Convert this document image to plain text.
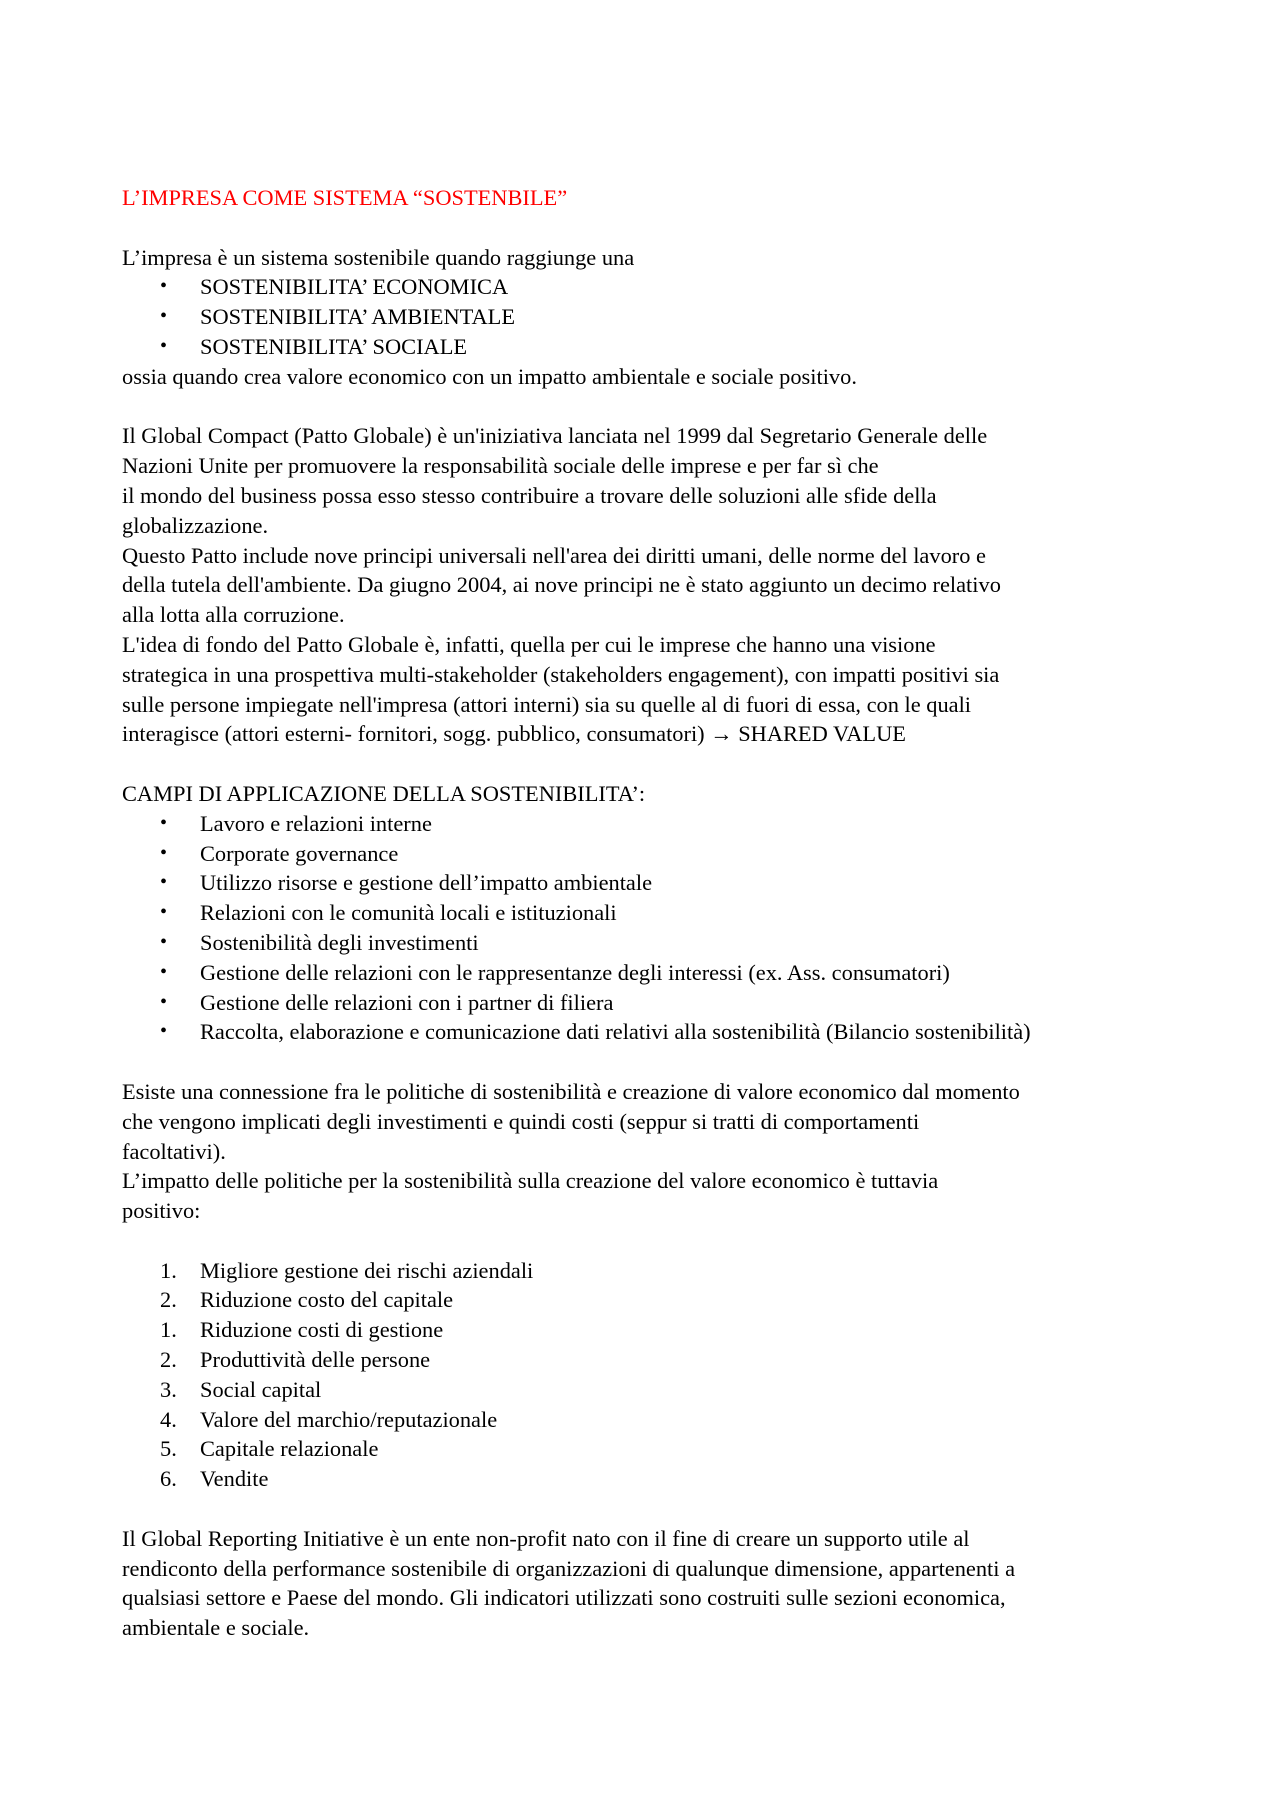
L’IMPRESA COME SISTEMA “SOSTENBILE”

L’impresa è un sistema sostenibile quando raggiunge una

• SOSTENIBILITA’ ECONOMICA
• SOSTENIBILITA’ AMBIENTALE
• SOSTENIBILITA’ SOCIALE

ossia quando crea valore economico con un impatto ambientale e sociale positivo.

Il Global Compact (Patto Globale) è un'iniziativa lanciata nel 1999 dal Segretario Generale delle
Nazioni Unite per promuovere la responsabilità sociale delle imprese e per far sì che
il mondo del business possa esso stesso contribuire a trovare delle soluzioni alle sfide della
globalizzazione.
Questo Patto include nove principi universali nell'area dei diritti umani, delle norme del lavoro e
della tutela dell'ambiente. Da giugno 2004, ai nove principi ne è stato aggiunto un decimo relativo
alla lotta alla corruzione.
L'idea di fondo del Patto Globale è, infatti, quella per cui le imprese che hanno una visione
strategica in una prospettiva multi-stakeholder (stakeholders engagement), con impatti positivi sia
sulle persone impiegate nell'impresa (attori interni) sia su quelle al di fuori di essa, con le quali
interagisce (attori esterni- fornitori, sogg. pubblico, consumatori) → SHARED VALUE

CAMPI DI APPLICAZIONE DELLA SOSTENIBILITA’:

• Lavoro e relazioni interne
• Corporate governance
• Utilizzo risorse e gestione dell’impatto ambientale
• Relazioni con le comunità locali e istituzionali
• Sostenibilità degli investimenti
• Gestione delle relazioni con le rappresentanze degli interessi (ex. Ass. consumatori)
• Gestione delle relazioni con i partner di filiera
• Raccolta, elaborazione e comunicazione dati relativi alla sostenibilità (Bilancio sostenibilità)
Esiste una connessione fra le politiche di sostenibilità e creazione di valore economico dal momento
che vengono implicati degli investimenti e quindi costi (seppur si tratti di comportamenti
facoltativi).
L’impatto delle politiche per la sostenibilità sulla creazione del valore economico è tuttavia
positivo:
1. Migliore gestione dei rischi aziendali
2. Riduzione costo del capitale
1. Riduzione costi di gestione
2. Produttività delle persone
3. Social capital
4. Valore del marchio/reputazionale
5. Capitale relazionale
6. Vendite
Il Global Reporting Initiative è un ente non-profit nato con il fine di creare un supporto utile al
rendiconto della performance sostenibile di organizzazioni di qualunque dimensione, appartenenti a
qualsiasi settore e Paese del mondo. Gli indicatori utilizzati sono costruiti sulle sezioni economica,
ambientale e sociale.
